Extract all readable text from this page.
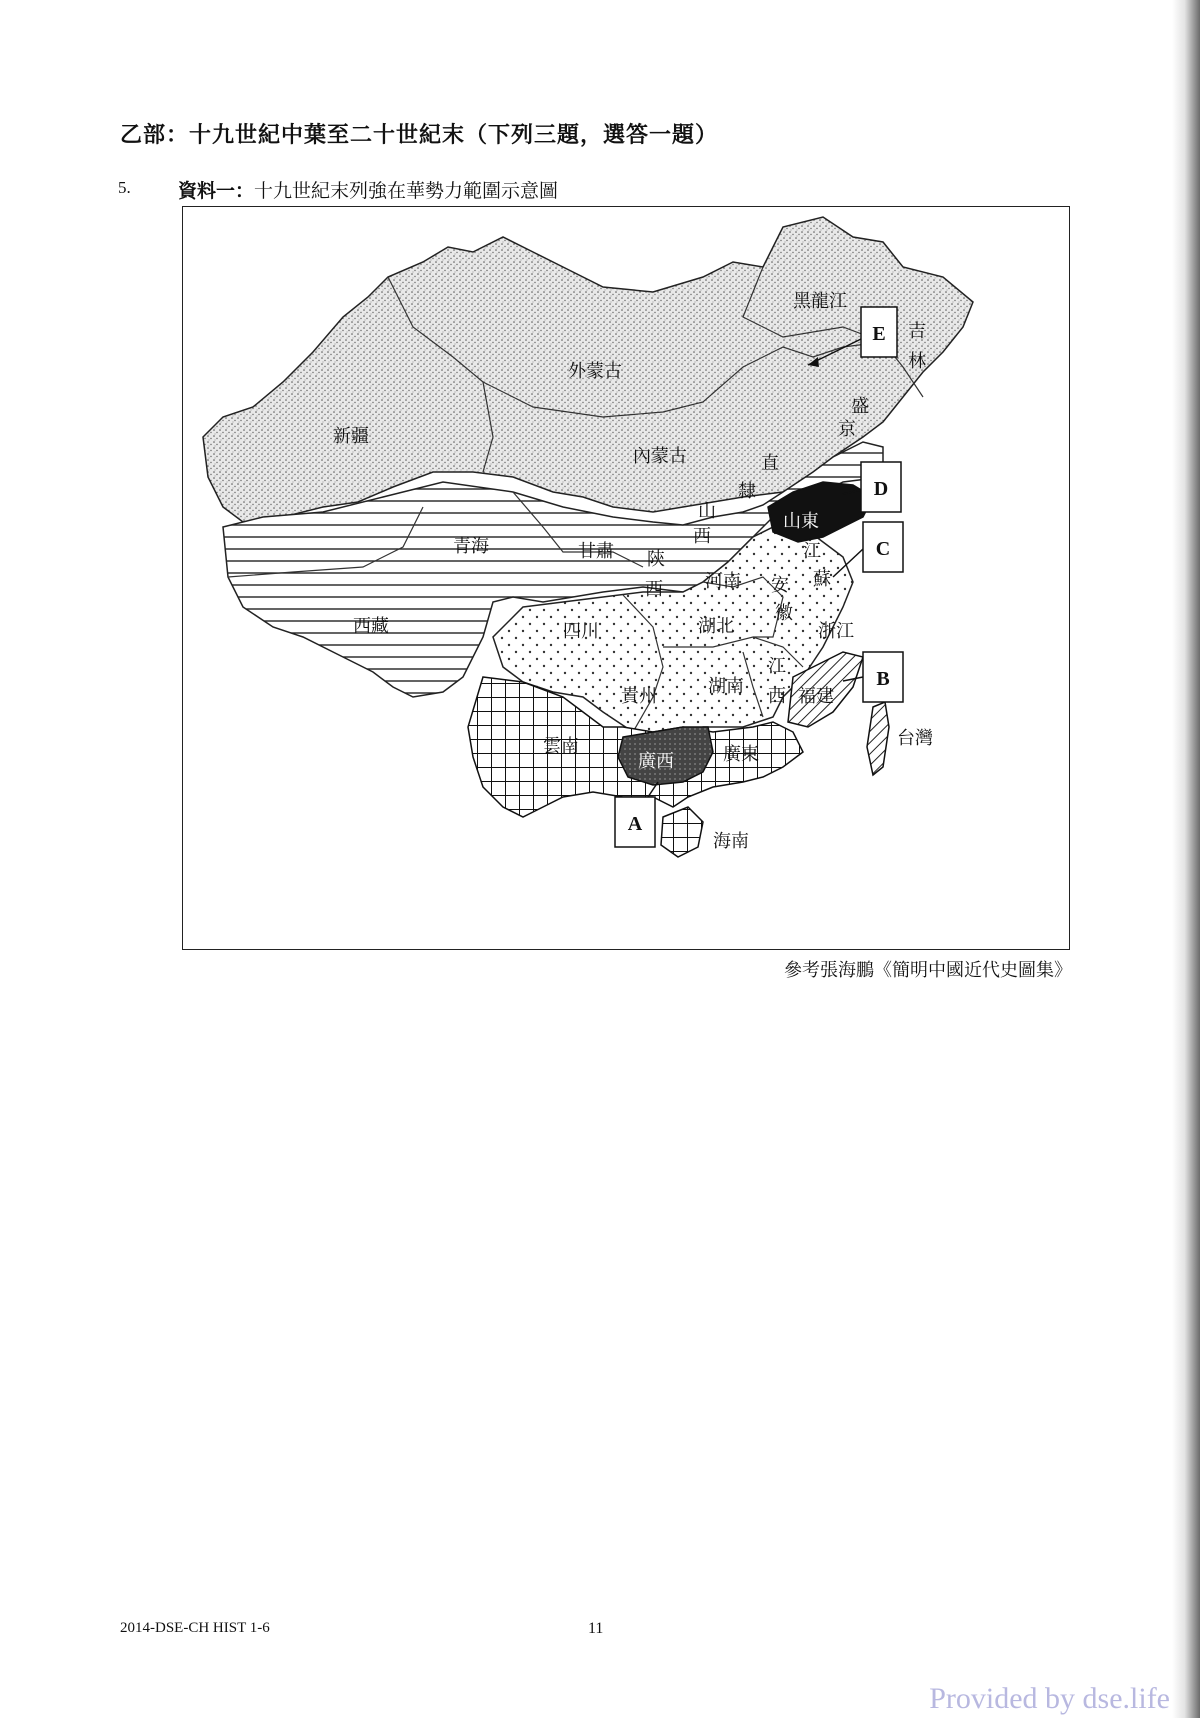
乙部：十九世紀中葉至二十世紀末（下列三題，選答一題）
5. 資料一：十九世紀末列強在華勢力範圍示意圖
新疆
外蒙古
內蒙古
黑龍江
吉
林
盛
京
直
隸
青海	甘肅
山
西
陝
西
山東
河南
江
蘇
安
徽
浙江
西藏	四川	湖北
湖南
江
西 福建
台灣
貴州
雲南
廣西	廣東
海南
E
D
C
B
A
參考張海鵬《簡明中國近代史圖集》
2014-DSE-CH HIST 1-6	11
Provided by dse.life
